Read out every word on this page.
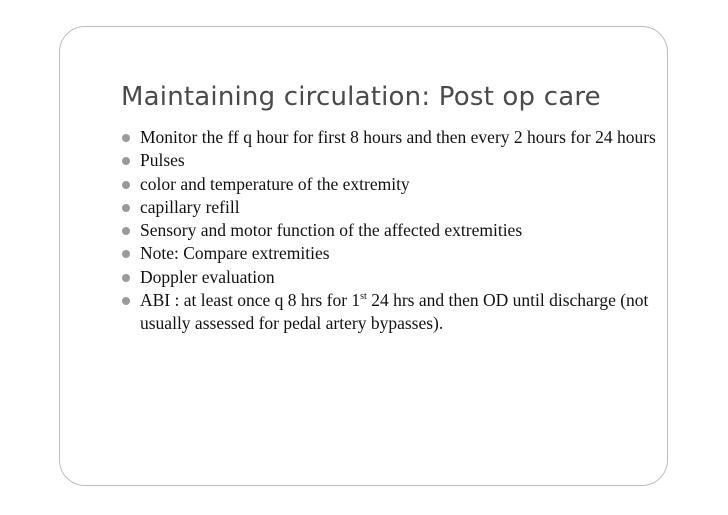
Maintaining circulation: Post op care
Monitor the ff q hour for first 8 hours and then every 2 hours for 24 hours
Pulses
color and temperature of the extremity
capillary refill
Sensory and motor function of the affected extremities
Note: Compare extremities
Doppler evaluation
ABI : at least once q 8 hrs for 1st 24 hrs and then OD until discharge (not usually assessed for pedal artery bypasses).
